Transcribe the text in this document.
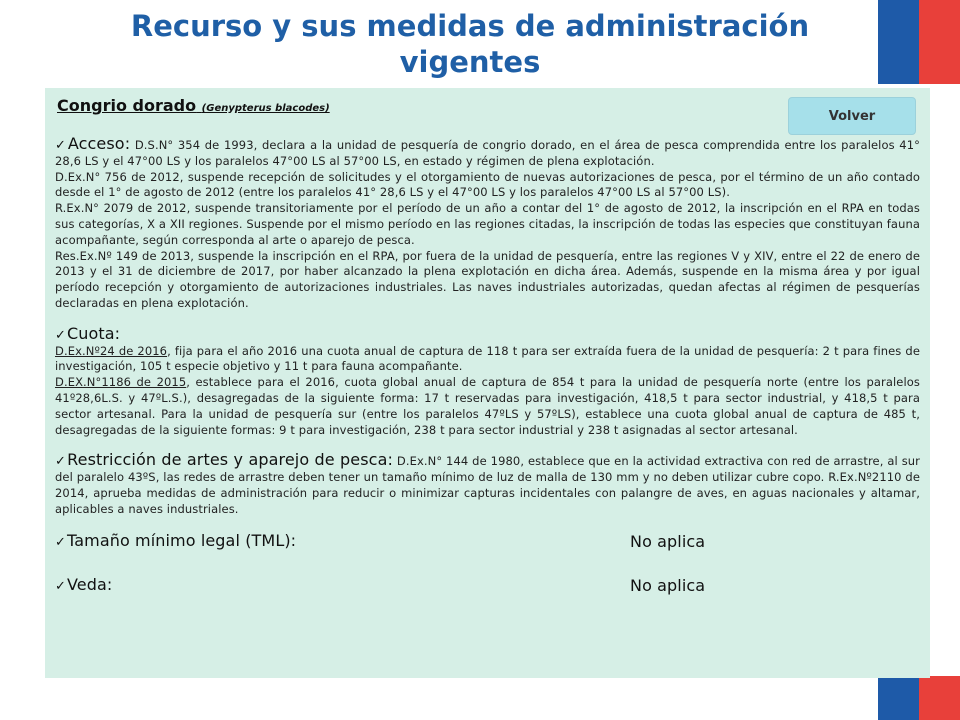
Recurso y sus medidas de administración vigentes
Congrio dorado (Genypterus blacodes)	Volver

✓Acceso: D.S.N° 354 de 1993, declara a la unidad de pesquería de congrio dorado, en el área de pesca comprendida entre los paralelos 41° 28,6 LS y el 47°00 LS y los paralelos 47°00 LS al 57°00 LS, en estado y régimen de plena explotación.

D.Ex.N° 756 de 2012, suspende recepción de solicitudes y el otorgamiento de nuevas autorizaciones de pesca, por el término de un año contado desde el 1° de agosto de 2012 (entre los paralelos 41° 28,6 LS y el 47°00 LS y los paralelos 47°00 LS al 57°00 LS).

R.Ex.N° 2079 de 2012, suspende transitoriamente por el período de un año a contar del 1° de agosto de 2012, la inscripción en el RPA en todas sus categorías, X a XII regiones. Suspende por el mismo período en las regiones citadas, la inscripción de todas las especies que constituyan fauna acompañante, según corresponda al arte o aparejo de pesca.

Res.Ex.Nº 149 de 2013, suspende la inscripción en el RPA, por fuera de la unidad de pesquería, entre las regiones V y XIV, entre el 22 de enero de 2013 y el 31 de diciembre de 2017, por haber alcanzado la plena explotación en dicha área. Además, suspende en la misma área y por igual período recepción y otorgamiento de autorizaciones industriales. Las naves industriales autorizadas, quedan afectas al régimen de pesquerías declaradas en plena explotación.

✓Cuota:

D.Ex.Nº24 de 2016, fija para el año 2016 una cuota anual de captura de 118 t para ser extraída fuera de la unidad de pesquería: 2 t para fines de investigación, 105 t especie objetivo y 11 t para fauna acompañante.

D.EX.N°1186 de 2015, establece para el 2016, cuota global anual de captura de 854 t para la unidad de pesquería norte (entre los paralelos 41º28,6L.S. y 47ºL.S.), desagregadas de la siguiente forma: 17 t reservadas para investigación, 418,5 t para sector industrial, y 418,5 t para sector artesanal. Para la unidad de pesquería sur (entre los paralelos 47ºLS y 57ºLS), establece una cuota global anual de captura de 485 t, desagregadas de la siguiente formas: 9 t para investigación, 238 t para sector industrial y 238 t asignadas al sector artesanal.

✓Restricción de artes y aparejo de pesca: D.Ex.N° 144 de 1980, establece que en la actividad extractiva con red de arrastre, al sur del paralelo 43ºS, las redes de arrastre deben tener un tamaño mínimo de luz de malla de 130 mm y no deben utilizar cubre copo. R.Ex.Nº2110 de 2014, aprueba medidas de administración para reducir o minimizar capturas incidentales con palangre de aves, en aguas nacionales y altamar, aplicables a naves industriales.

✓Tamaño mínimo legal (TML):	No aplica
✓Veda:	No aplica
